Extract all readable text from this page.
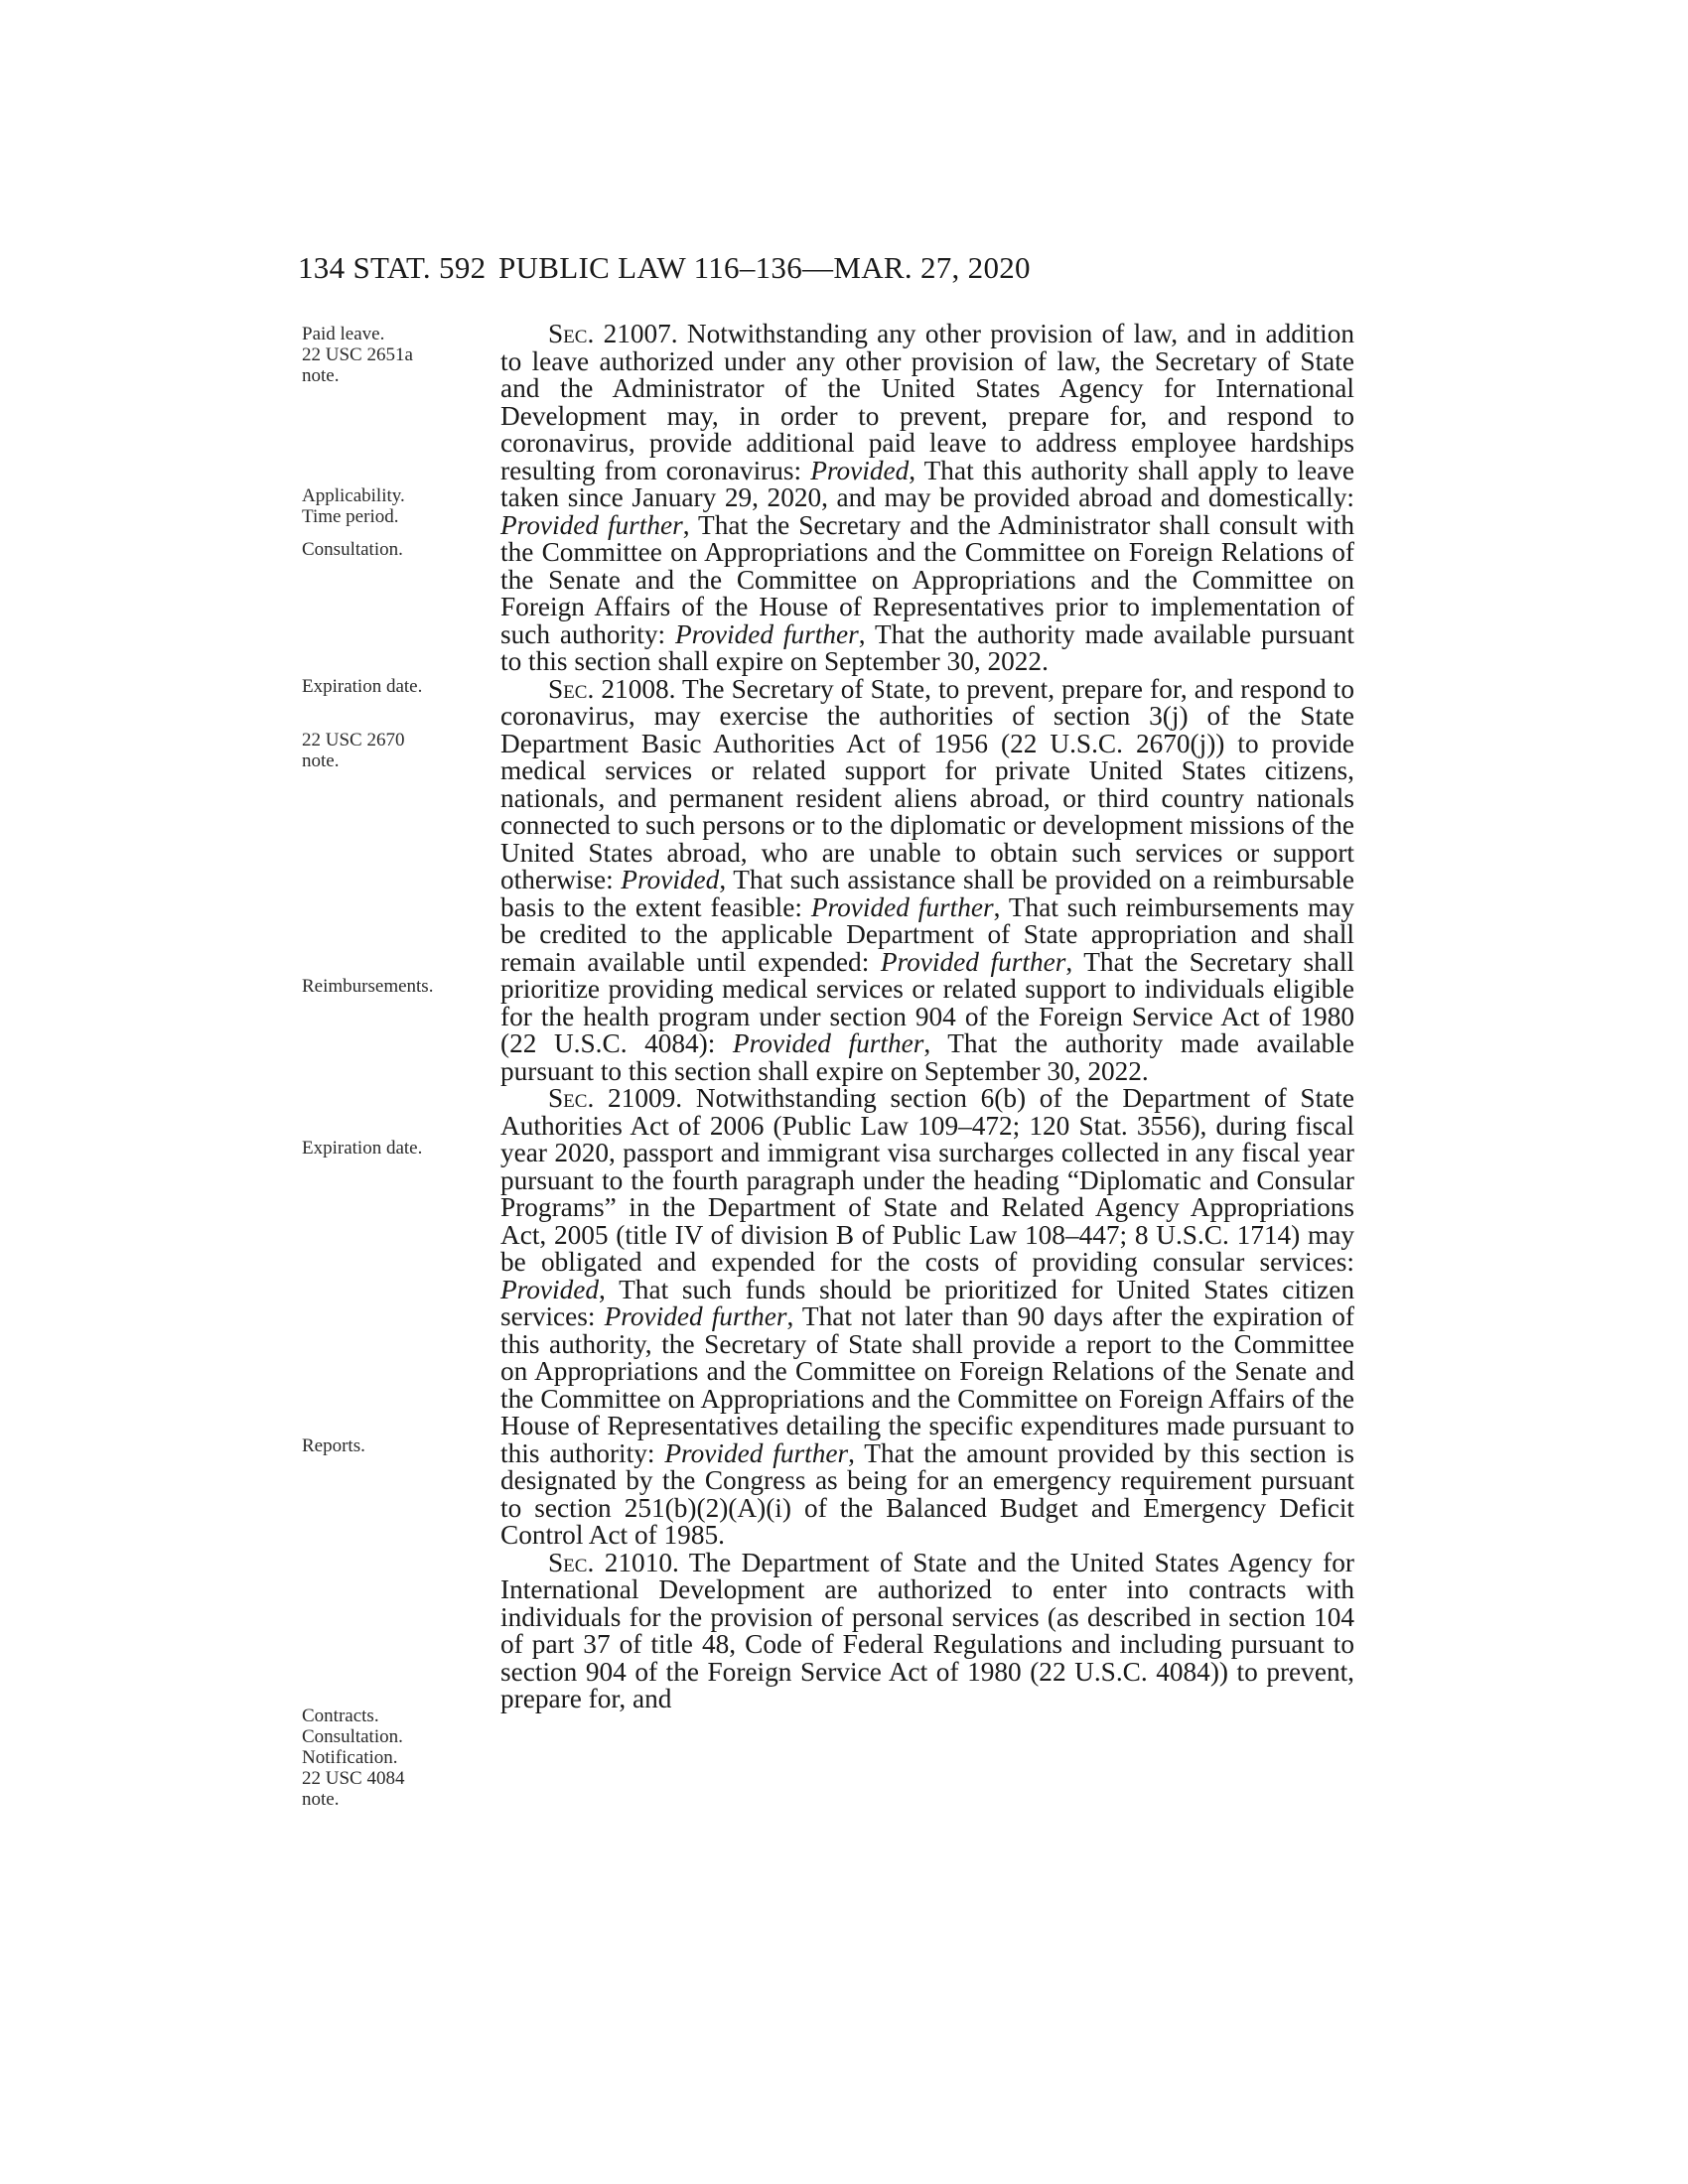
134 STAT. 592 PUBLIC LAW 116–136—MAR. 27, 2020
Paid leave.
22 USC 2651a
note.
Applicability.
Time period.
Consultation.
Expiration date.
22 USC 2670
note.
Reimbursements.
Expiration date.
Reports.
Contracts.
Consultation.
Notification.
22 USC 4084
note.

Sec. 21007. Notwithstanding any other provision of law, and in addition to leave authorized under any other provision of law, the Secretary of State and the Administrator of the United States Agency for International Development may, in order to prevent, prepare for, and respond to coronavirus, provide additional paid leave to address employee hardships resulting from coronavirus: Provided, That this authority shall apply to leave taken since January 29, 2020, and may be provided abroad and domestically: Provided further, That the Secretary and the Administrator shall consult with the Committee on Appropriations and the Committee on Foreign Relations of the Senate and the Committee on Appropriations and the Committee on Foreign Affairs of the House of Representatives prior to implementation of such authority: Provided further, That the authority made available pursuant to this section shall expire on September 30, 2022.

Sec. 21008. The Secretary of State, to prevent, prepare for, and respond to coronavirus, may exercise the authorities of section 3(j) of the State Department Basic Authorities Act of 1956 (22 U.S.C. 2670(j)) to provide medical services or related support for private United States citizens, nationals, and permanent resident aliens abroad, or third country nationals connected to such persons or to the diplomatic or development missions of the United States abroad, who are unable to obtain such services or support otherwise: Provided, That such assistance shall be provided on a reimbursable basis to the extent feasible: Provided further, That such reimbursements may be credited to the applicable Department of State appropriation and shall remain available until expended: Provided further, That the Secretary shall prioritize providing medical services or related support to individuals eligible for the health program under section 904 of the Foreign Service Act of 1980 (22 U.S.C. 4084): Provided further, That the authority made available pursuant to this section shall expire on September 30, 2022.

Sec. 21009. Notwithstanding section 6(b) of the Department of State Authorities Act of 2006 (Public Law 109–472; 120 Stat. 3556), during fiscal year 2020, passport and immigrant visa surcharges collected in any fiscal year pursuant to the fourth paragraph under the heading “Diplomatic and Consular Programs” in the Department of State and Related Agency Appropriations Act, 2005 (title IV of division B of Public Law 108–447; 8 U.S.C. 1714) may be obligated and expended for the costs of providing consular services: Provided, That such funds should be prioritized for United States citizen services: Provided further, That not later than 90 days after the expiration of this authority, the Secretary of State shall provide a report to the Committee on Appropriations and the Committee on Foreign Relations of the Senate and the Committee on Appropriations and the Committee on Foreign Affairs of the House of Representatives detailing the specific expenditures made pursuant to this authority: Provided further, That the amount provided by this section is designated by the Congress as being for an emergency requirement pursuant to section 251(b)(2)(A)(i) of the Balanced Budget and Emergency Deficit Control Act of 1985.

Sec. 21010. The Department of State and the United States Agency for International Development are authorized to enter into contracts with individuals for the provision of personal services (as described in section 104 of part 37 of title 48, Code of Federal Regulations and including pursuant to section 904 of the Foreign Service Act of 1980 (22 U.S.C. 4084)) to prevent, prepare for, and
